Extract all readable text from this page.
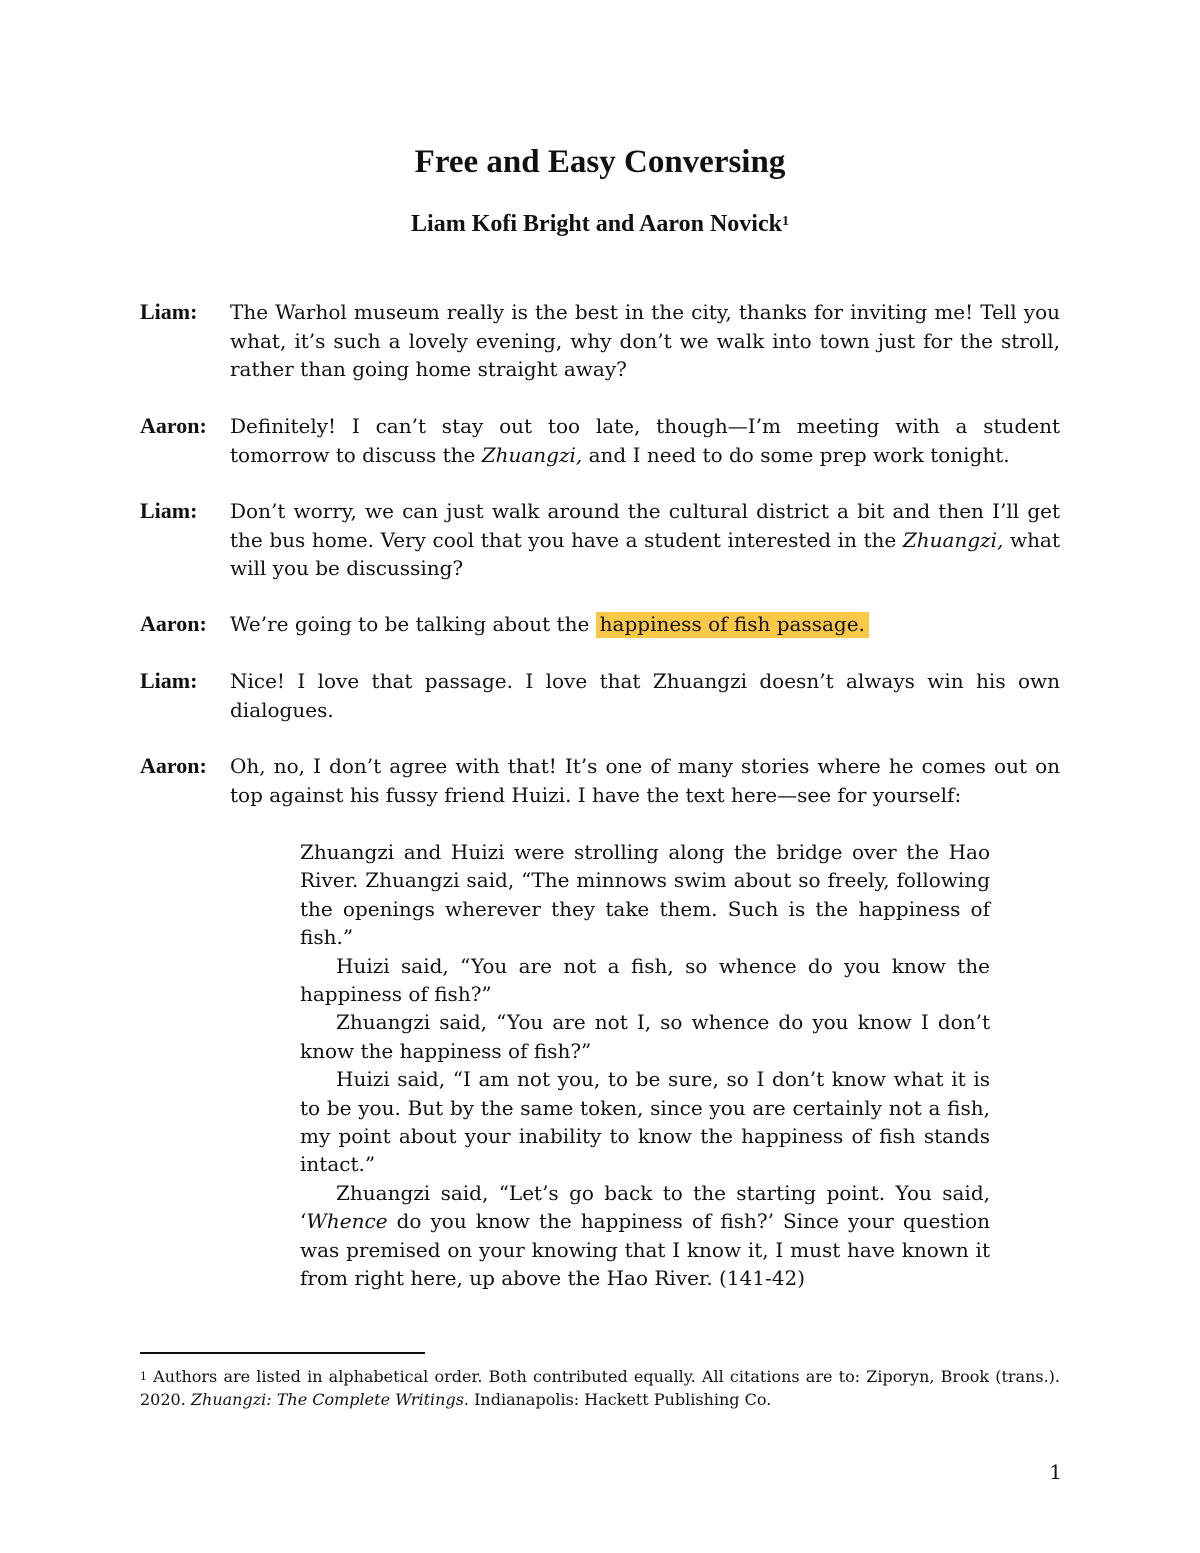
Free and Easy Conversing
Liam Kofi Bright and Aaron Novick$^1$
Liam:	The Warhol museum really is the best in the city, thanks for inviting me! Tell you what, it’s such a lovely evening, why don’t we walk into town just for the stroll, rather than going home straight away?
Aaron:	Definitely! I can’t stay out too late, though—I’m meeting with a student tomorrow to discuss the Zhuangzi, and I need to do some prep work tonight.
Liam:	Don’t worry, we can just walk around the cultural district a bit and then I’ll get the bus home. Very cool that you have a student interested in the Zhuangzi, what will you be discussing?
Aaron:	We’re going to be talking about the happiness of fish passage.
Liam:	Nice! I love that passage. I love that Zhuangzi doesn’t always win his own dialogues.
Aaron:	Oh, no, I don’t agree with that! It’s one of many stories where he comes out on top against his fussy friend Huizi. I have the text here—see for yourself:

Zhuangzi and Huizi were strolling along the bridge over the Hao River. Zhuangzi said, “The minnows swim about so freely, following the openings wherever they take them. Such is the happiness of fish.”

Huizi said, “You are not a fish, so whence do you know the happiness of fish?”

Zhuangzi said, “You are not I, so whence do you know I don’t know the happiness of fish?”

Huizi said, “I am not you, to be sure, so I don’t know what it is to be you. But by the same token, since you are certainly not a fish, my point about your inability to know the happiness of fish stands intact.”

Zhuangzi said, “Let’s go back to the starting point. You said, ‘Whence do you know the happiness of fish?’ Since your question was premised on your knowing that I know it, I must have known it from right here, up above the Hao River. (141-42)

$^1$ Authors are listed in alphabetical order. Both contributed equally. All citations are to: Ziporyn, Brook (trans.). 2020. Zhuangzi: The Complete Writings. Indianapolis: Hackett Publishing Co.
1
